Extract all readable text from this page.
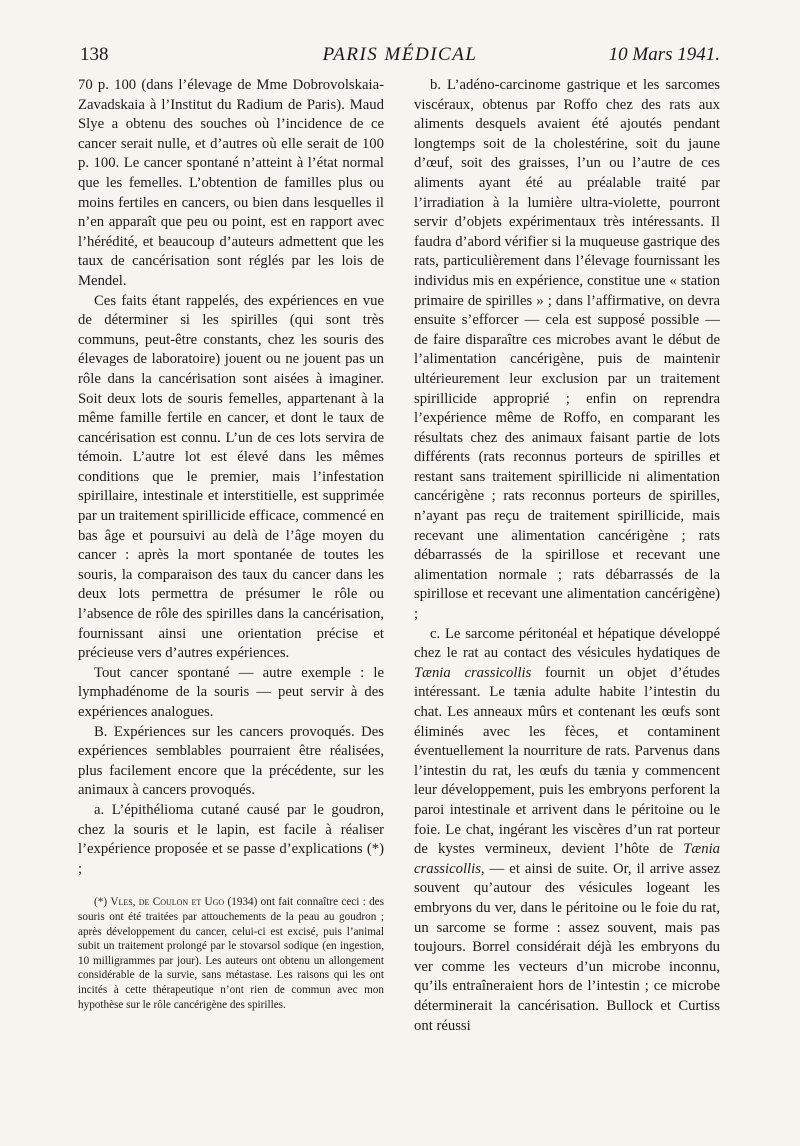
138	PARIS MÉDICAL	10 Mars 1941.

70 p. 100 (dans l’élevage de Mme Dobrovolskaia-Zavadskaia à l’Institut du Radium de Paris). Maud Slye a obtenu des souches où l’incidence de ce cancer serait nulle, et d’autres où elle serait de 100 p. 100. Le cancer spontané n’atteint à l’état normal que les femelles. L’obtention de familles plus ou moins fertiles en cancers, ou bien dans lesquelles il n’en apparaît que peu ou point, est en rapport avec l’hérédité, et beaucoup d’auteurs admettent que les taux de cancérisation sont réglés par les lois de Mendel.

Ces faits étant rappelés, des expériences en vue de déterminer si les spirilles (qui sont très communs, peut-être constants, chez les souris des élevages de laboratoire) jouent ou ne jouent pas un rôle dans la cancérisation sont aisées à imaginer. Soit deux lots de souris femelles, appartenant à la même famille fertile en cancer, et dont le taux de cancérisation est connu. L’un de ces lots servira de témoin. L’autre lot est élevé dans les mêmes conditions que le premier, mais l’infestation spirillaire, intestinale et interstitielle, est supprimée par un traitement spirillicide efficace, commencé en bas âge et poursuivi au delà de l’âge moyen du cancer : après la mort spontanée de toutes les souris, la comparaison des taux du cancer dans les deux lots permettra de présumer le rôle ou l’absence de rôle des spirilles dans la cancérisation, fournissant ainsi une orientation précise et précieuse vers d’autres expériences.

Tout cancer spontané — autre exemple : le lymphadénome de la souris — peut servir à des expériences analogues.

B. Expériences sur les cancers provoqués. Des expériences semblables pourraient être réalisées, plus facilement encore que la précédente, sur les animaux à cancers provoqués.

a. L’épithélioma cutané causé par le goudron, chez la souris et le lapin, est facile à réaliser l’expérience proposée et se passe d’explications (*) ;

(*) Vles, de Coulon et Ugo (1934) ont fait connaître ceci : des souris ont été traitées par attouchements de la peau au goudron ; après développement du cancer, celui-ci est excisé, puis l’animal subit un traitement prolongé par le stovarsol sodique (en ingestion, 10 milligrammes par jour). Les auteurs ont obtenu un allongement considérable de la survie, sans métastase. Les raisons qui les ont incités à cette thérapeutique n’ont rien de commun avec mon hypothèse sur le rôle cancérigène des spirilles.

b. L’adéno-carcinome gastrique et les sarcomes viscéraux, obtenus par Roffo chez des rats aux aliments desquels avaient été ajoutés pendant longtemps soit de la cholestérine, soit du jaune d’œuf, soit des graisses, l’un ou l’autre de ces aliments ayant été au préalable traité par l’irradiation à la lumière ultra-violette, pourront servir d’objets expérimentaux très intéressants. Il faudra d’abord vérifier si la muqueuse gastrique des rats, particulièrement dans l’élevage fournissant les individus mis en expérience, constitue une « station primaire de spirilles » ; dans l’affirmative, on devra ensuite s’efforcer — cela est supposé possible — de faire disparaître ces microbes avant le début de l’alimentation cancérigène, puis de maintenir ultérieurement leur exclusion par un traitement spirillicide approprié ; enfin on reprendra l’expérience même de Roffo, en comparant les résultats chez des animaux faisant partie de lots différents (rats reconnus porteurs de spirilles et restant sans traitement spirillicide ni alimentation cancérigène ; rats reconnus porteurs de spirilles, n’ayant pas reçu de traitement spirillicide, mais recevant une alimentation cancérigène ; rats débarrassés de la spirillose et recevant une alimentation normale ; rats débarrassés de la spirillose et recevant une alimentation cancérigène) ;

c. Le sarcome péritonéal et hépatique développé chez le rat au contact des vésicules hydatiques de Tænia crassicollis fournit un objet d’études intéressant. Le tænia adulte habite l’intestin du chat. Les anneaux mûrs et contenant les œufs sont éliminés avec les fèces, et contaminent éventuellement la nourriture de rats. Parvenus dans l’intestin du rat, les œufs du tænia y commencent leur développement, puis les embryons perforent la paroi intestinale et arrivent dans le péritoine ou le foie. Le chat, ingérant les viscères d’un rat porteur de kystes vermineux, devient l’hôte de Tænia crassicollis, — et ainsi de suite. Or, il arrive assez souvent qu’autour des vésicules logeant les embryons du ver, dans le péritoine ou le foie du rat, un sarcome se forme : assez souvent, mais pas toujours. Borrel considérait déjà les embryons du ver comme les vecteurs d’un microbe inconnu, qu’ils entraîneraient hors de l’intestin ; ce microbe déterminerait la cancérisation. Bullock et Curtiss ont réussi
